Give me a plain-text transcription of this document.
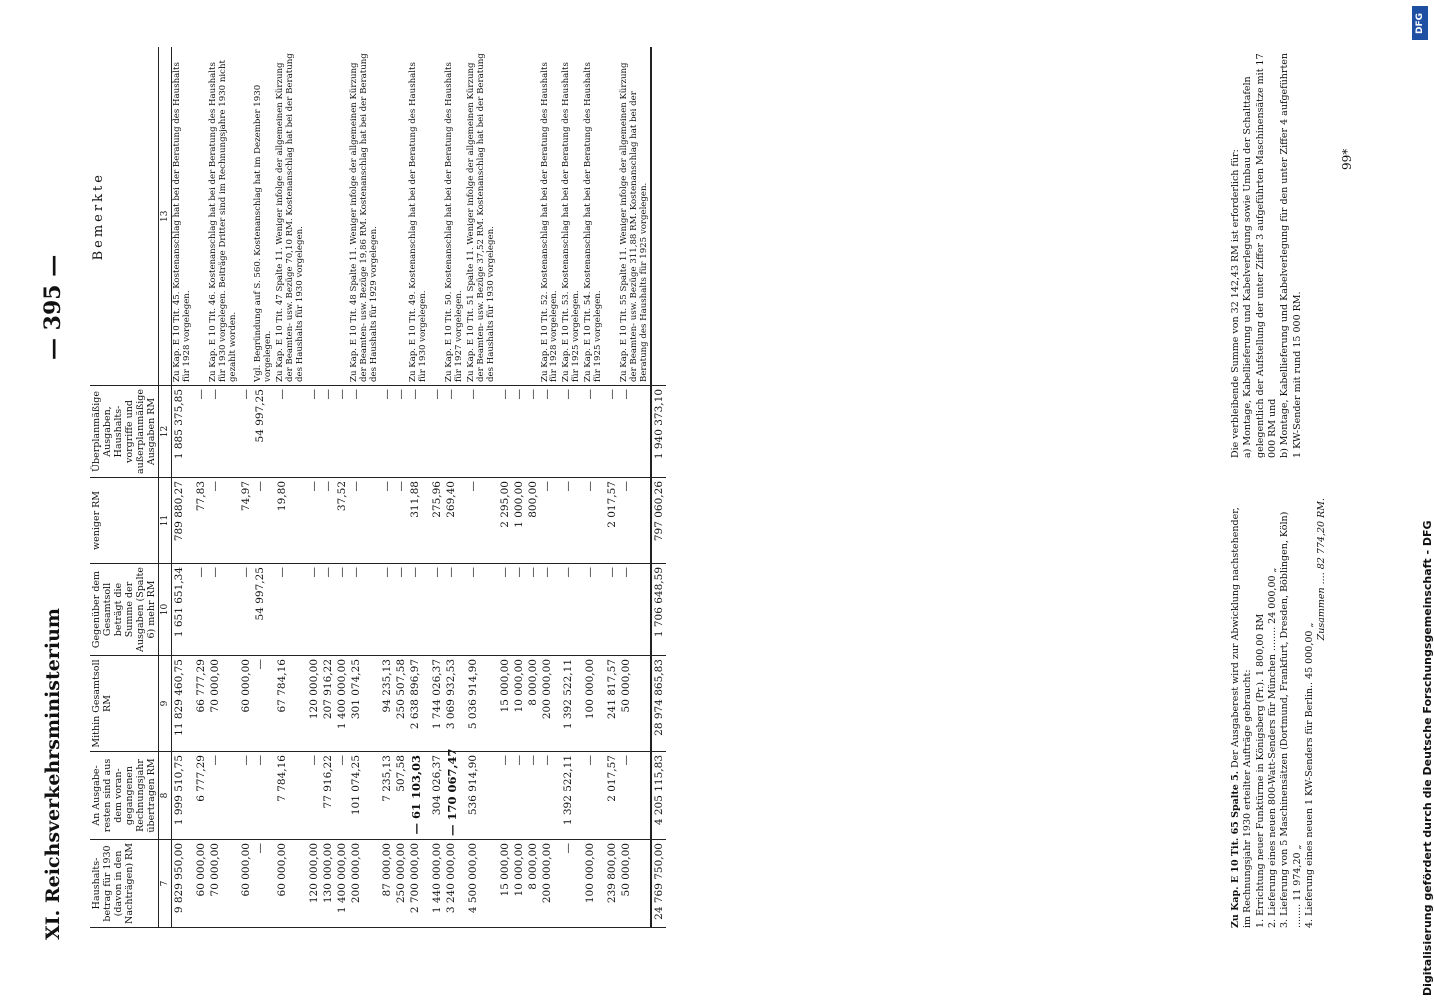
— 395 —
XI. Reichsverkehrsministerium	Haushalts-betrag für 1930 (davon in den Nachträgen) RM	An Ausgabe-resten sind aus dem voran-gegangenen Rechnungsjahr übertragen RM	Mithin Gesamtsoll RM	Gegenüber dem Gesamtsoll beträgt die Summe der Ausgaben (Spalte 6) mehr RM	weniger RM	Überplanmäßige Ausgaben, Haushalts-vorgriffe und außerplanmäßige Ausgaben RM	Bemerkte
7	8	9	10	11	12	13
9 829 950,00	1 999 510,75	11 829 460,75	1 651 651,34	789 880,27	1 885 375,85	Zu Kap. E 10 Tit. 45. Kostenanschlag hat bei der Beratung des Haushalts für 1928 vorgelegen.
60 000,00	6 777,29	66 777,29	—	77,83	—	
70 000,00	—	70 000,00	—	—	—	Zu Kap. E 10 Tit. 46. Kostenanschlag hat bei der Beratung des Haushalts für 1930 vorgelegen. Beiträge Dritter sind im Rechnungsjahre 1930 nicht gezahlt worden.
60 000,00	—	60 000,00	—	74,97	—	
—	—	—	54 997,25	—	54 997,25	Vgl. Begründung auf S. 560. Kostenanschlag hat im Dezember 1930 vorgelegen.
60 000,00	7 784,16	67 784,16	—	19,80	—	Zu Kap. E 10 Tit. 47 Spalte 11. Weniger infolge der allgemeinen Kürzung der Beamten- usw. Bezüge 70,10 RM. Kostenanschlag hat bei der Beratung des Haushalts für 1930 vorgelegen.
120 000,00	—	120 000,00	—	—	—	
130 000,00	77 916,22	207 916,22	—	—	—	
1 400 000,00	—	1 400 000,00	—	37,52	—	
200 000,00	101 074,25	301 074,25	—	—	—	Zu Kap. E 10 Tit. 48 Spalte 11. Weniger infolge der allgemeinen Kürzung der Beamten- usw. Bezüge 19,86 RM. Kostenanschlag hat bei der Beratung des Haushalts für 1929 vorgelegen.
87 000,00	7 235,13	94 235,13	—	—	—	
250 000,00	507,58	250 507,58	—	—	—	
2 700 000,00	— 61 103,03	2 638 896,97	—	311,88	—	Zu Kap. E 10 Tit. 49. Kostenanschlag hat bei der Beratung des Haushalts für 1930 vorgelegen.
1 440 000,00	304 026,37	1 744 026,37	—	275,96	—	
3 240 000,00	— 170 067,47	3 069 932,53	—	269,40	—	Zu Kap. E 10 Tit. 50. Kostenanschlag hat bei der Beratung des Haushalts für 1927 vorgelegen.
4 500 000,00	536 914,90	5 036 914,90	—	—	—	Zu Kap. E 10 Tit. 51 Spalte 11. Weniger infolge der allgemeinen Kürzung der Beamten- usw. Bezüge 37,52 RM. Kostenanschlag hat bei der Beratung des Haushalts für 1930 vorgelegen.
15 000,00	—	15 000,00	—	2 295,00	—	
10 000,00	—	10 000,00	—	1 000,00	—	
8 000,00	—	8 000,00	—	800,00	—	
200 000,00	—	200 000,00	—	—	—	Zu Kap. E 10 Tit. 52. Kostenanschlag hat bei der Beratung des Haushalts für 1928 vorgelegen.
—	1 392 522,11	1 392 522,11	—	—	—	Zu Kap. E 10 Tit. 53. Kostenanschlag hat bei der Beratung des Haushalts für 1925 vorgelegen.
100 000,00	—	100 000,00	—	—	—	Zu Kap. E 10 Tit. 54. Kostenanschlag hat bei der Beratung des Haushalts für 1925 vorgelegen.
239 800,00	2 017,57	241 817,57	—	2 017,57	—	
50 000,00	—	50 000,00	—	—	—	Zu Kap. E 10 Tit. 55 Spalte 11. Weniger infolge der allgemeinen Kürzung der Beamten- usw. Bezüge 311,88 RM. Kostenanschlag hat bei der Beratung des Haushalts für 1925 vorgelegen.
24 769 750,00	4 205 115,83	28 974 865,83	1 706 648,59	797 060,26	1 940 373,10	
Zu Kap. E 10 Tit. 65 Spalte 5. Der Ausgaberest wird zur Abwicklung nachstehender, im Rechnungsjahr 1930 erteilter Aufträge gebraucht: 1. Errichtung neuer Funktürme in Königsberg (Pr.). 1 800,00 RM 2. Lieferung eines neuen 800-Watt-Senders für München ........ 24 000,00 „ 3. Lieferung von 5 Maschinensätzen (Dortmund, Frankfurt, Dresden, Böblingen, Köln) ........ 11 974,20 „ 4. Lieferung eines neuen 1 KW-Senders für Berlin.. 45 000,00 „
Zusammen .... 82 774,20 RM.
Die verbleibende Summe von 32 142,43 RM ist erforderlich für: a) Montage, Kabellieferung und Kabelverlegung sowie Umbau der Schalttafeln gelegentlich der Aufstellung der unter Ziffer 3 aufgeführten Maschinensätze mit 17 000 RM und b) Montage, Kabellieferung und Kabelverlegung für den unter Ziffer 4 aufgeführten 1 KW-Sender mit rund 15 000 RM.
99*
Digitalisierung gefördert durch die Deutsche Forschungsgemeinschaft - DFG
DFG
